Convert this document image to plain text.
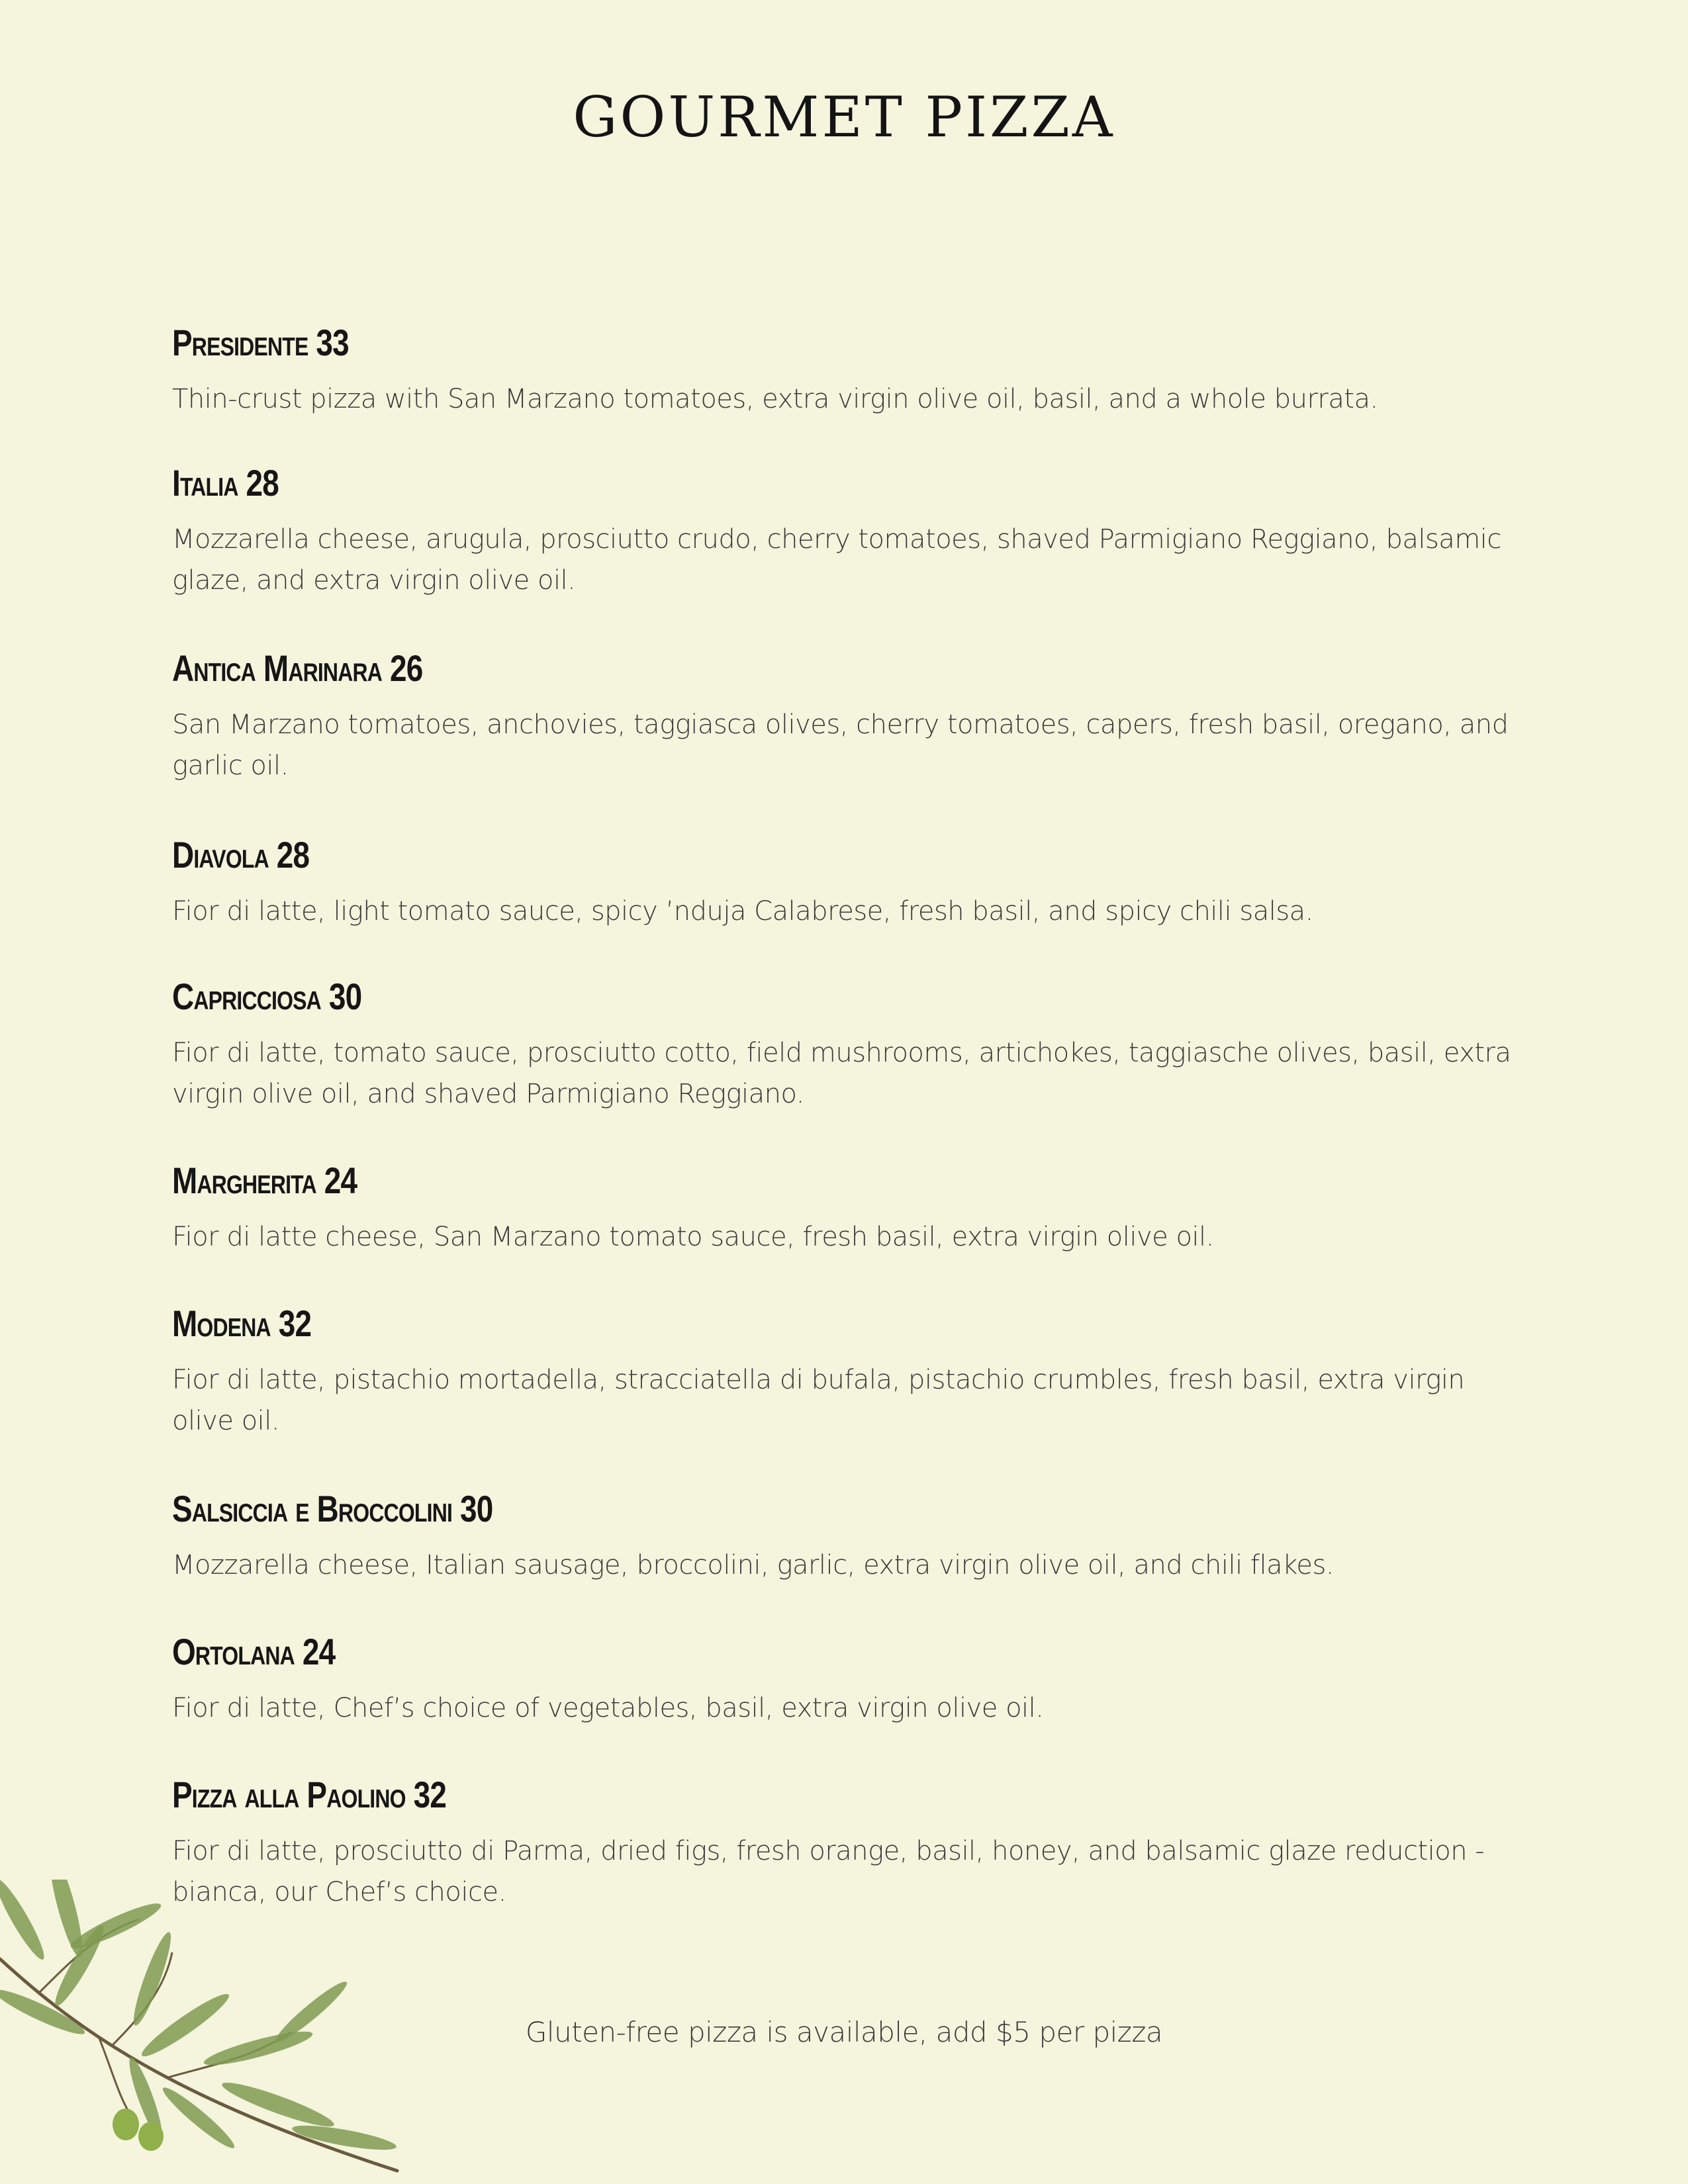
GOURMET PIZZA
Presidente 33

Thin-crust pizza with San Marzano tomatoes, extra virgin olive oil, basil, and a whole burrata.

Italia 28

Mozzarella cheese, arugula, prosciutto crudo, cherry tomatoes, shaved Parmigiano Reggiano, balsamic glaze, and extra virgin olive oil.

Antica Marinara 26

San Marzano tomatoes, anchovies, taggiasca olives, cherry tomatoes, capers, fresh basil, oregano, and garlic oil.

Diavola 28

Fior di latte, light tomato sauce, spicy ’nduja Calabrese, fresh basil, and spicy chili salsa.

Capricciosa 30

Fior di latte, tomato sauce, prosciutto cotto, field mushrooms, artichokes, taggiasche olives, basil, extra virgin olive oil, and shaved Parmigiano Reggiano.

Margherita 24

Fior di latte cheese, San Marzano tomato sauce, fresh basil, extra virgin olive oil.

Modena 32

Fior di latte, pistachio mortadella, stracciatella di bufala, pistachio crumbles, fresh basil, extra virgin olive oil.

Salsiccia e Broccolini 30

Mozzarella cheese, Italian sausage, broccolini, garlic, extra virgin olive oil, and chili flakes.

Ortolana 24

Fior di latte, Chef’s choice of vegetables, basil, extra virgin olive oil.

Pizza alla Paolino 32

Fior di latte, prosciutto di Parma, dried figs, fresh orange, basil, honey, and balsamic glaze reduction - bianca, our Chef’s choice.

Gluten-free pizza is available, add $5 per pizza
